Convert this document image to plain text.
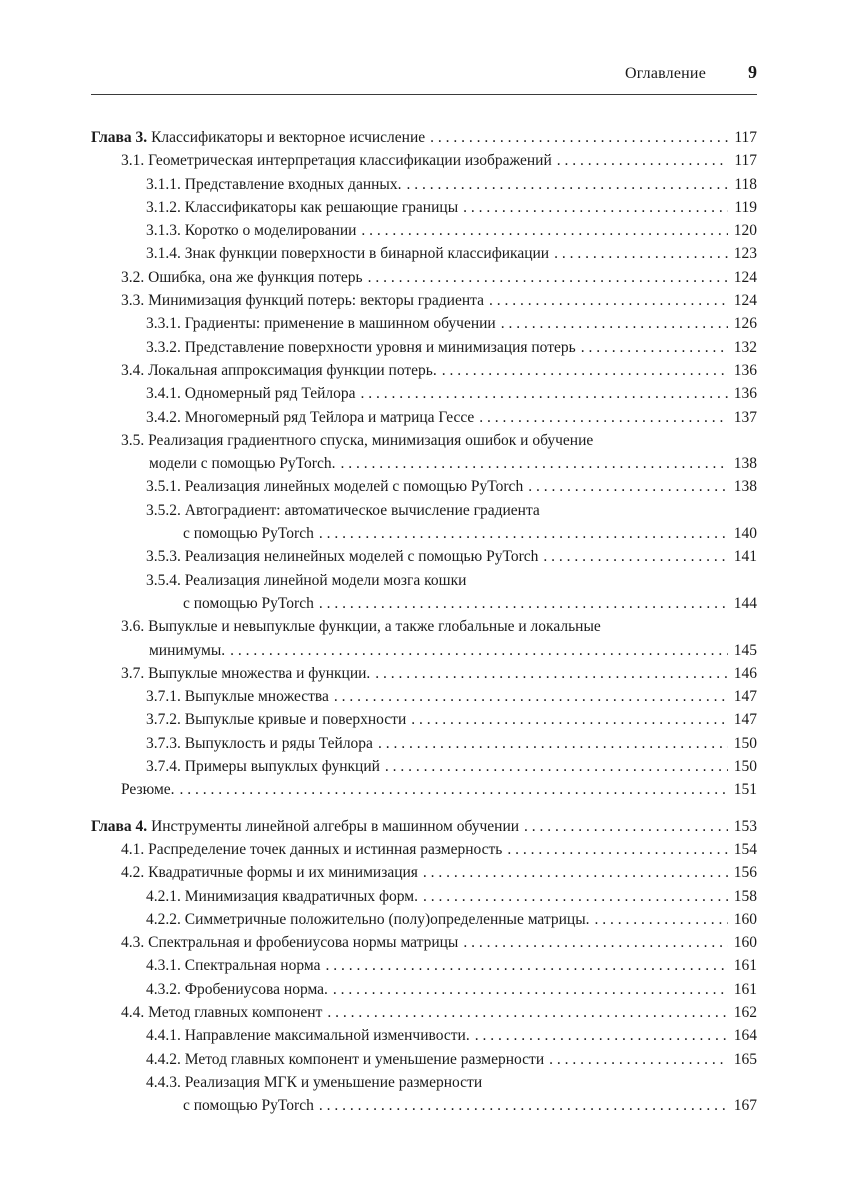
Оглавление 9
Глава 3. Классификаторы и векторное исчисление . . .	117
3.1. Геометрическая интерпретация классификации изображений . . .	117
3.1.1. Представление входных данных. . . .	118
3.1.2. Классификаторы как решающие границы . . .	119
3.1.3. Коротко о моделировании . . .	120
3.1.4. Знак функции поверхности в бинарной классификации . . .	123
3.2. Ошибка, она же функция потерь . . .	124
3.3. Минимизация функций потерь: векторы градиента . . .	124
3.3.1. Градиенты: применение в машинном обучении . . .	126
3.3.2. Представление поверхности уровня и минимизация потерь . . .	132
3.4. Локальная аппроксимация функции потерь. . . .	136
3.4.1. Одномерный ряд Тейлора . . .	136
3.4.2. Многомерный ряд Тейлора и матрица Гессе . . .	137
3.5. Реализация градиентного спуска, минимизация ошибок и обучение
модели с помощью PyTorch. . . .	138
3.5.1. Реализация линейных моделей с помощью PyTorch . . .	138
3.5.2. Автоградиент: автоматическое вычисление градиента
с помощью PyTorch . . .	140
3.5.3. Реализация нелинейных моделей с помощью PyTorch . . .	141
3.5.4. Реализация линейной модели мозга кошки
с помощью PyTorch . . .	144
3.6. Выпуклые и невыпуклые функции, а также глобальные и локальные
минимумы. . . .	145
3.7. Выпуклые множества и функции. . . .	146
3.7.1. Выпуклые множества . . .	147
3.7.2. Выпуклые кривые и поверхности . . .	147
3.7.3. Выпуклость и ряды Тейлора . . .	150
3.7.4. Примеры выпуклых функций . . .	150
Резюме. . . .	151
Глава 4. Инструменты линейной алгебры в машинном обучении . . .	153
4.1. Распределение точек данных и истинная размерность . . .	154
4.2. Квадратичные формы и их минимизация . . .	156
4.2.1. Минимизация квадратичных форм. . . .	158
4.2.2. Симметричные положительно (полу)определенные матрицы. . . .	160
4.3. Спектральная и фробениусова нормы матрицы . . .	160
4.3.1. Спектральная норма . . .	161
4.3.2. Фробениусова норма. . . .	161
4.4. Метод главных компонент . . .	162
4.4.1. Направление максимальной изменчивости. . . .	164
4.4.2. Метод главных компонент и уменьшение размерности . . .	165
4.4.3. Реализация МГК и уменьшение размерности
с помощью PyTorch . . .	167
